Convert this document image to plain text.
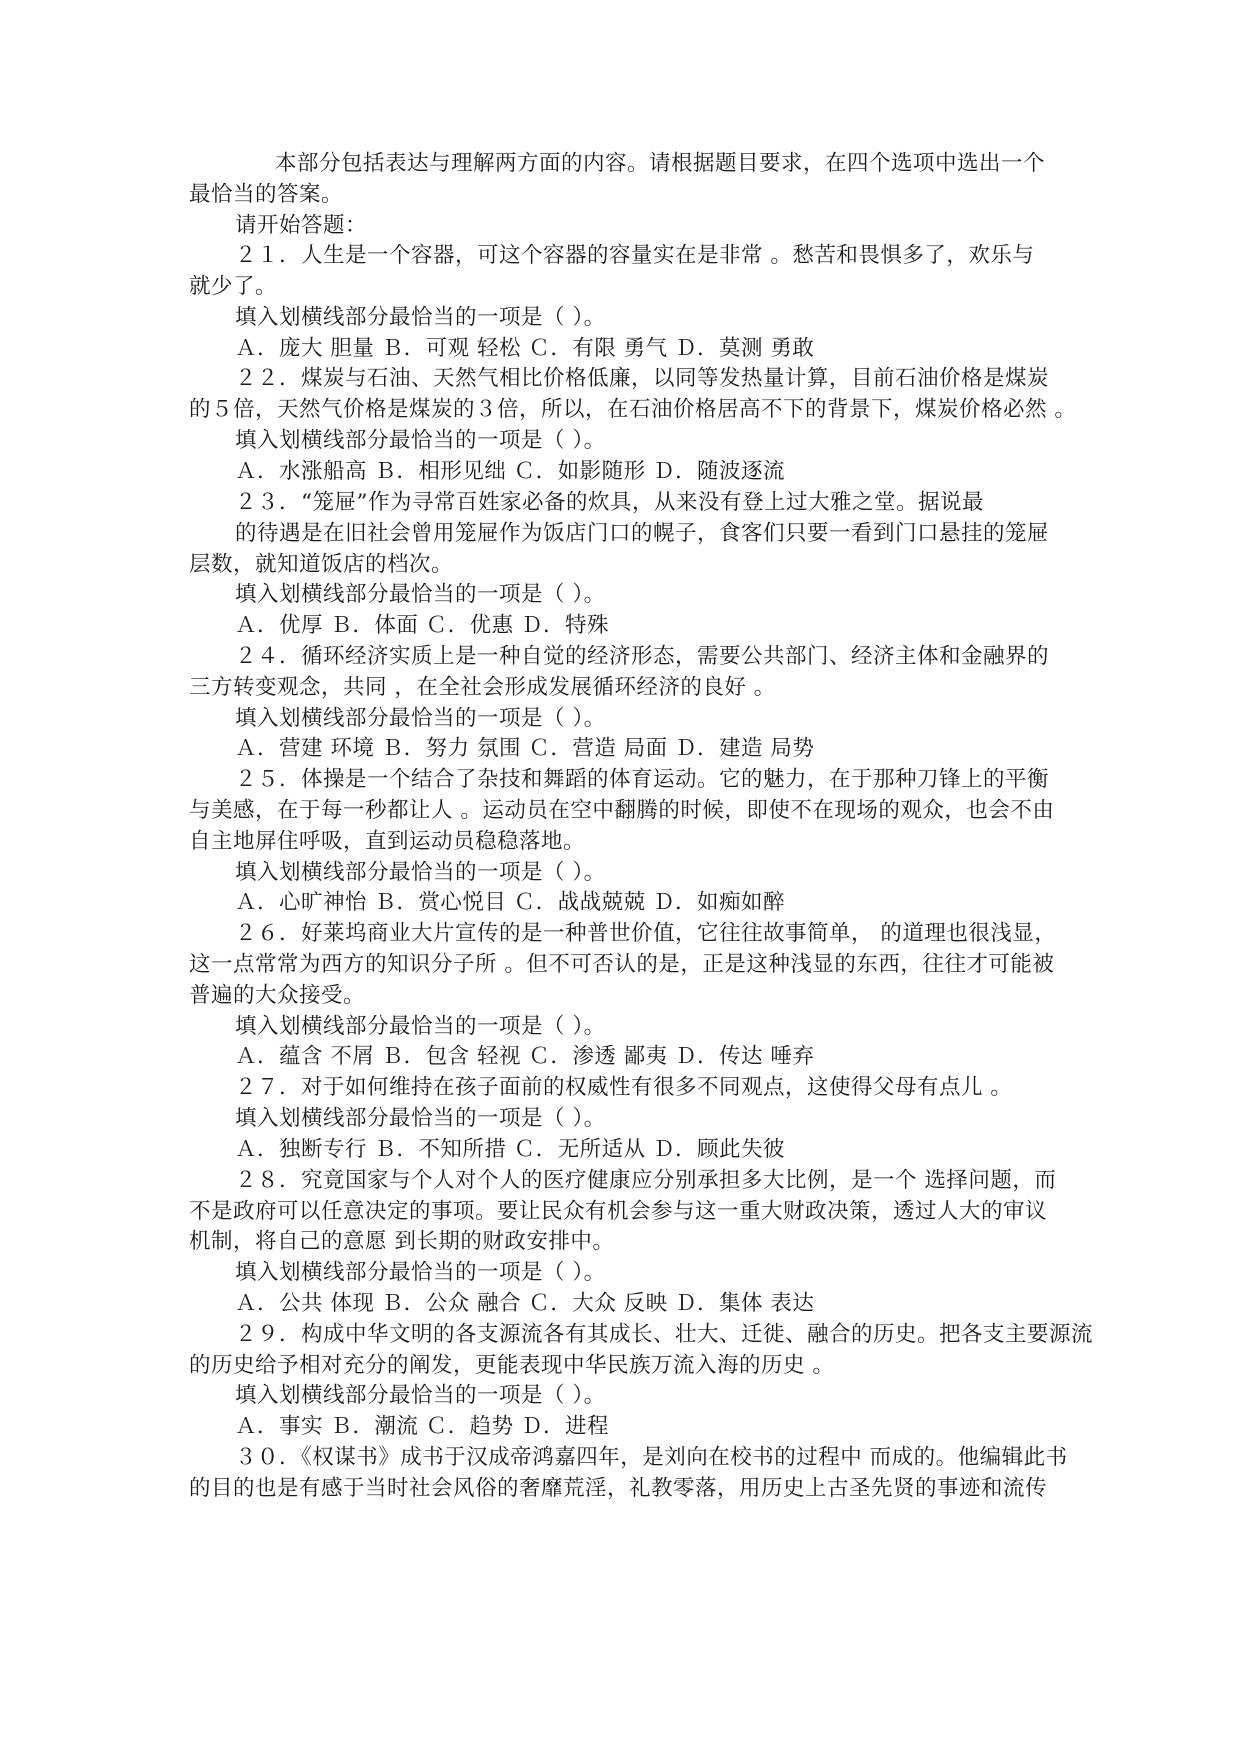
本部分包括表达与理解两方面的内容。请根据题目要求，在四个选项中选出一个
最恰当的答案。
请开始答题：
２１．人生是一个容器，可这个容器的容量实在是非常 。愁苦和畏惧多了，欢乐与
就少了。
填入划横线部分最恰当的一项是（ ）。
Ａ．庞大 胆量 Ｂ．可观 轻松 Ｃ．有限 勇气 Ｄ．莫测 勇敢
２２．煤炭与石油、天然气相比价格低廉，以同等发热量计算，目前石油价格是煤炭
的５倍，天然气价格是煤炭的３倍，所以，在石油价格居高不下的背景下，煤炭价格必然 。
填入划横线部分最恰当的一项是（ ）。
Ａ．水涨船高 Ｂ．相形见绌 Ｃ．如影随形 Ｄ．随波逐流
２３．“笼屉”作为寻常百姓家必备的炊具，从来没有登上过大雅之堂。据说最
的待遇是在旧社会曾用笼屉作为饭店门口的幌子，食客们只要一看到门口悬挂的笼屉
层数，就知道饭店的档次。
填入划横线部分最恰当的一项是（ ）。
Ａ．优厚 Ｂ．体面 Ｃ．优惠 Ｄ．特殊
２４．循环经济实质上是一种自觉的经济形态，需要公共部门、经济主体和金融界的
三方转变观念，共同 ，在全社会形成发展循环经济的良好 。
填入划横线部分最恰当的一项是（ ）。
Ａ．营建 环境 Ｂ．努力 氛围 Ｃ．营造 局面 Ｄ．建造 局势
２５．体操是一个结合了杂技和舞蹈的体育运动。它的魅力，在于那种刀锋上的平衡
与美感，在于每一秒都让人 。运动员在空中翻腾的时候，即使不在现场的观众，也会不由
自主地屏住呼吸，直到运动员稳稳落地。
填入划横线部分最恰当的一项是（ ）。
Ａ．心旷神怡 Ｂ．赏心悦目 Ｃ．战战兢兢 Ｄ．如痴如醉
２６．好莱坞商业大片宣传的是一种普世价值，它往往故事简单， 的道理也很浅显，
这一点常常为西方的知识分子所 。但不可否认的是，正是这种浅显的东西，往往才可能被
普遍的大众接受。
填入划横线部分最恰当的一项是（ ）。
Ａ．蕴含 不屑 Ｂ．包含 轻视 Ｃ．渗透 鄙夷 Ｄ．传达 唾弃
２７．对于如何维持在孩子面前的权威性有很多不同观点，这使得父母有点儿 。
填入划横线部分最恰当的一项是（ ）。
Ａ．独断专行 Ｂ．不知所措 Ｃ．无所适从 Ｄ．顾此失彼
２８．究竟国家与个人对个人的医疗健康应分别承担多大比例，是一个 选择问题，而
不是政府可以任意决定的事项。要让民众有机会参与这一重大财政决策，透过人大的审议
机制，将自己的意愿 到长期的财政安排中。
填入划横线部分最恰当的一项是（ ）。
Ａ．公共 体现 Ｂ．公众 融合 Ｃ．大众 反映 Ｄ．集体 表达
２９．构成中华文明的各支源流各有其成长、壮大、迁徙、融合的历史。把各支主要源流
的历史给予相对充分的阐发，更能表现中华民族万流入海的历史 。
填入划横线部分最恰当的一项是（ ）。
Ａ．事实 Ｂ．潮流 Ｃ．趋势 Ｄ．进程
３０．《权谋书》成书于汉成帝鸿嘉四年，是刘向在校书的过程中 而成的。他编辑此书
的目的也是有感于当时社会风俗的奢靡荒淫，礼教零落，用历史上古圣先贤的事迹和流传
